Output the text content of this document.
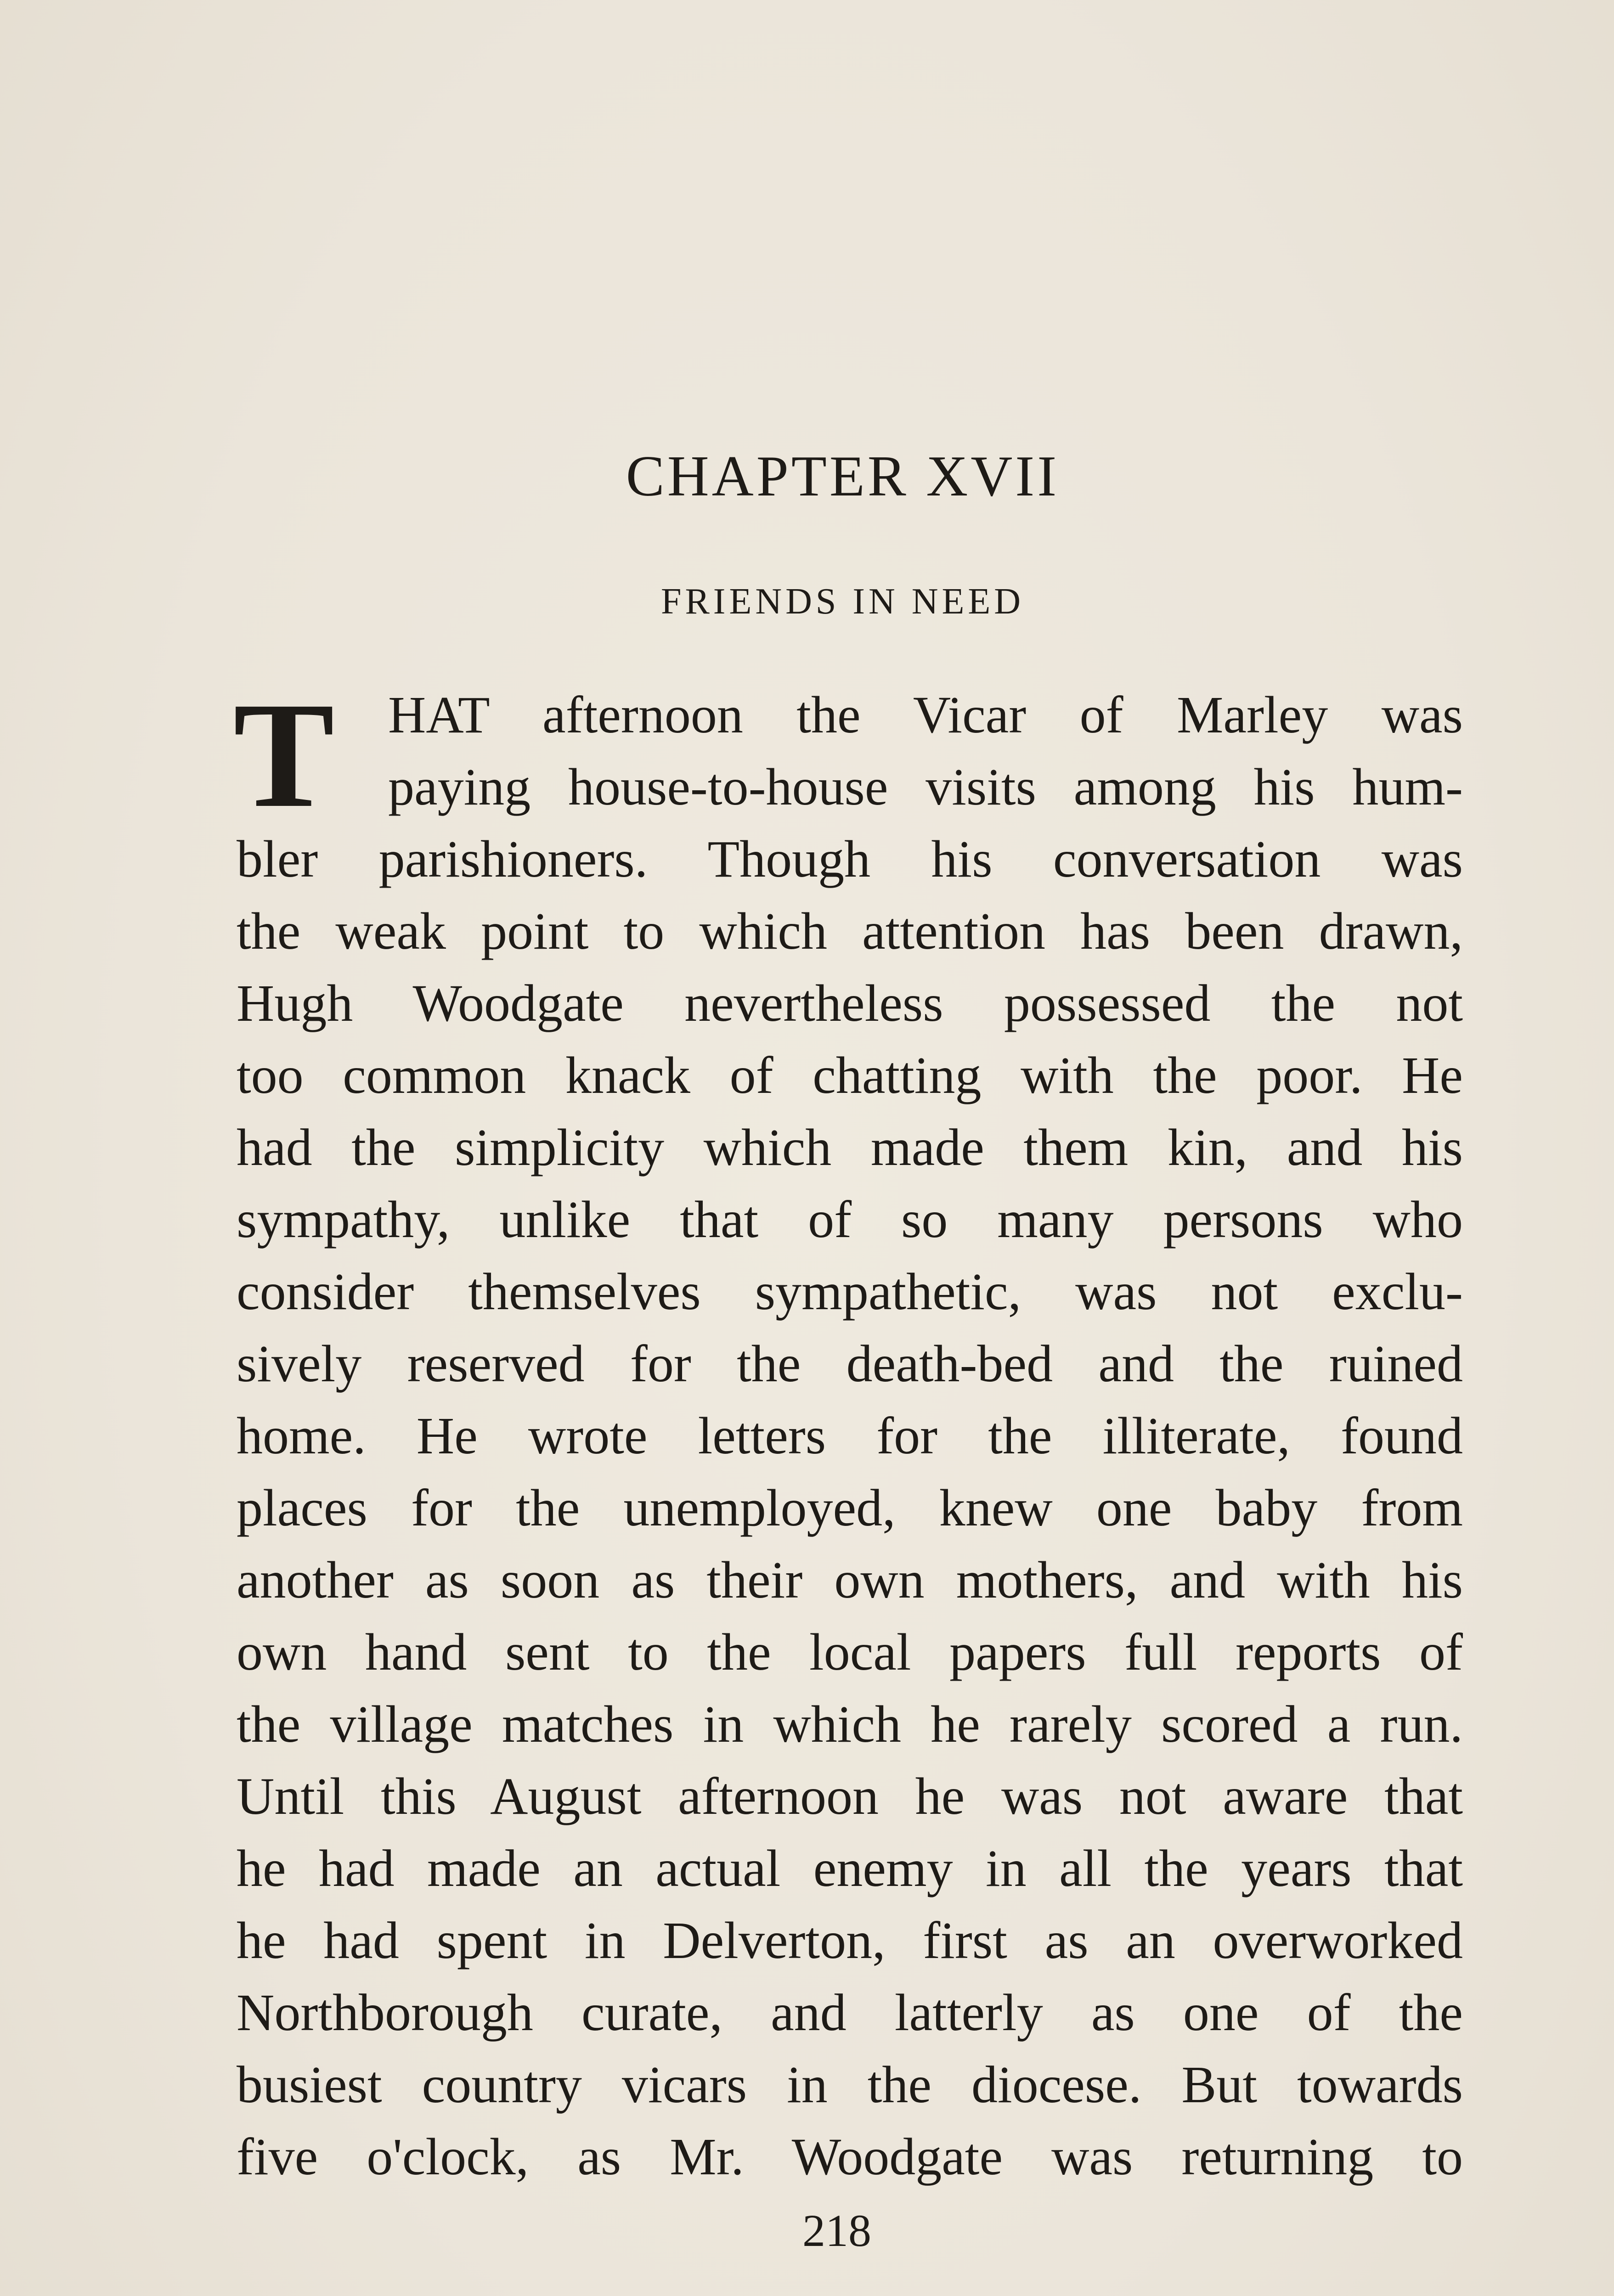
CHAPTER XVII
FRIENDS IN NEED
T HAT afternoon the Vicar of Marley was
paying house-to-house visits among his hum-
bler parishioners. Though his conversation was
the weak point to which attention has been drawn,
Hugh Woodgate nevertheless possessed the not
too common knack of chatting with the poor. He
had the simplicity which made them kin, and his
sympathy, unlike that of so many persons who
consider themselves sympathetic, was not exclu-
sively reserved for the death-bed and the ruined
home. He wrote letters for the illiterate, found
places for the unemployed, knew one baby from
another as soon as their own mothers, and with his
own hand sent to the local papers full reports of
the village matches in which he rarely scored a run.
Until this August afternoon he was not aware that
he had made an actual enemy in all the years that
he had spent in Delverton, first as an overworked
Northborough curate, and latterly as one of the
busiest country vicars in the diocese. But towards
five o'clock, as Mr. Woodgate was returning to
218
